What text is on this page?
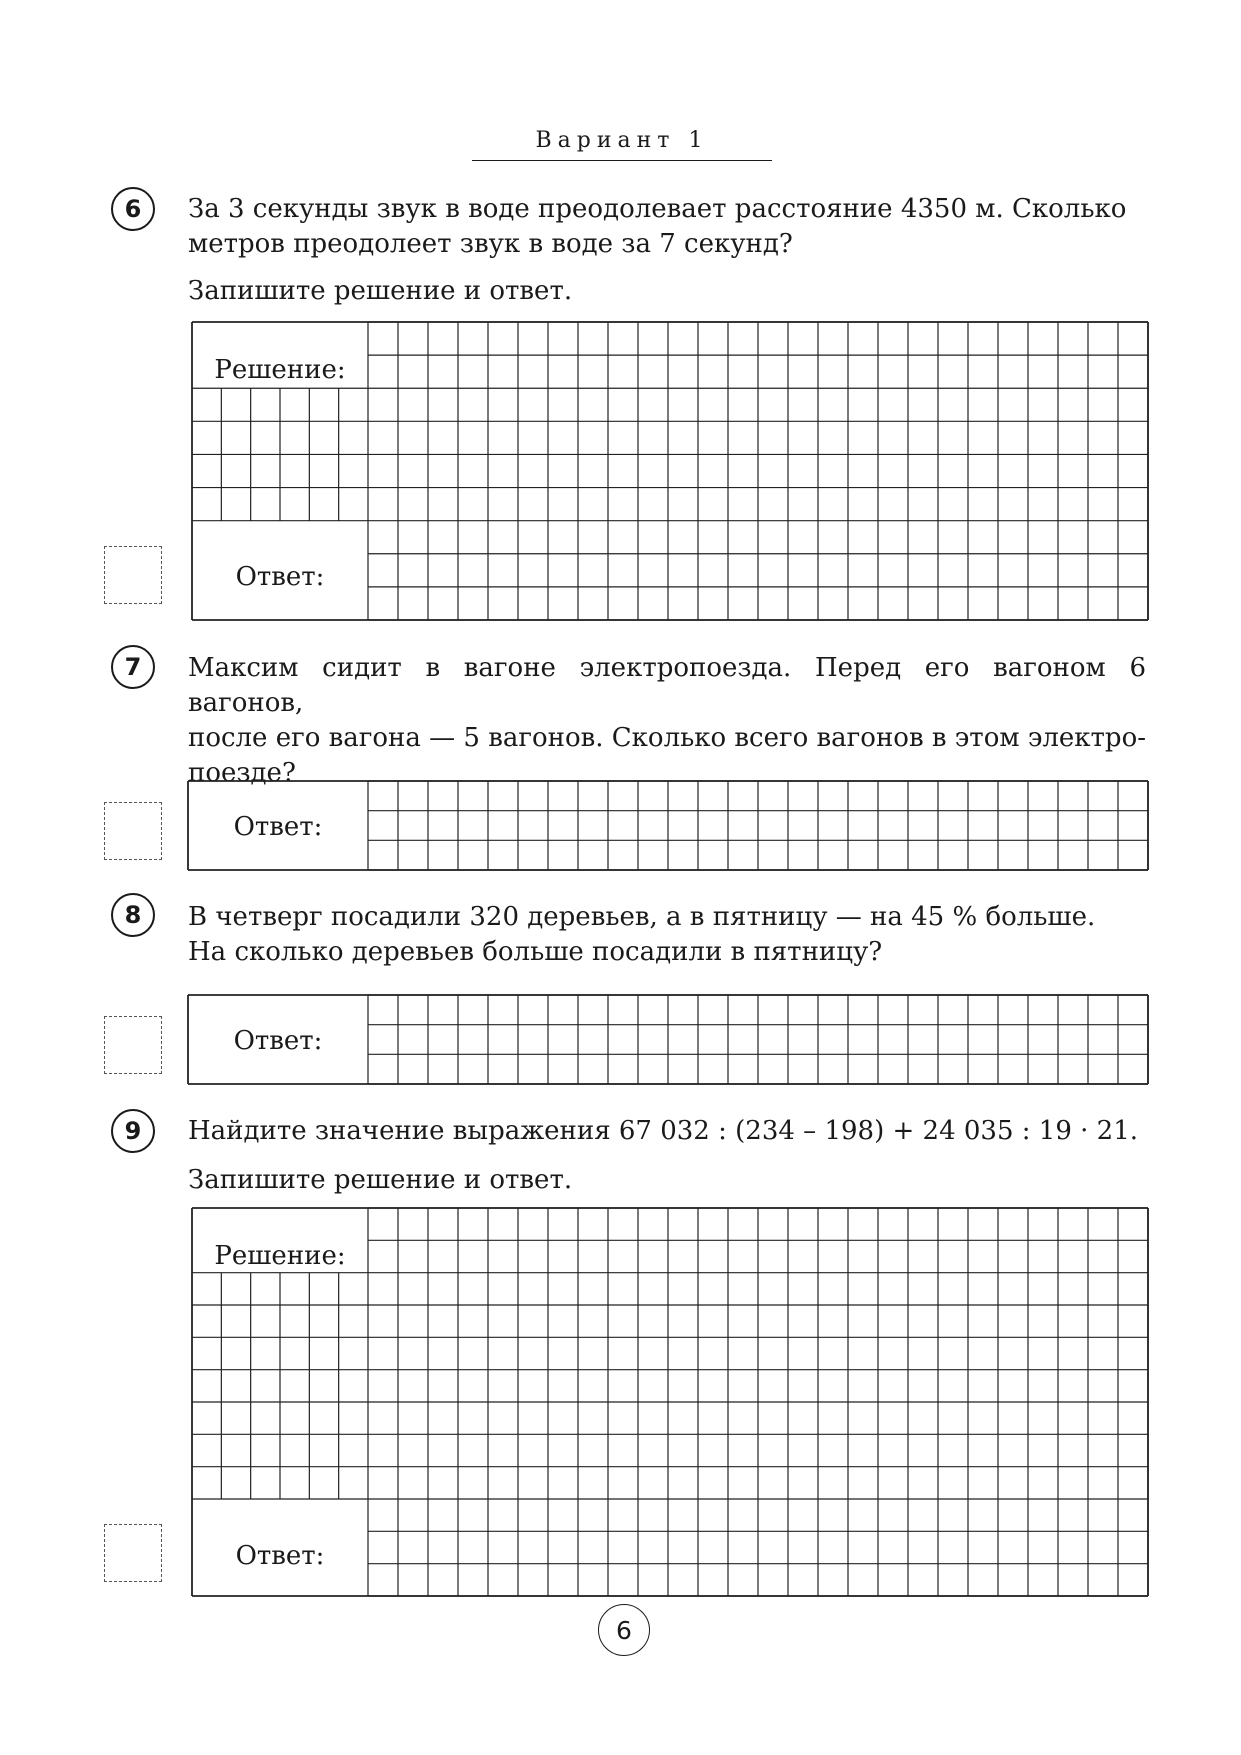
Вариант 1
6	За 3 секунды звук в воде преодолевает расстояние 4350 м. Сколько
метров преодолеет звук в воде за 7 секунд?
Запишите решение и ответ.
Решение:
Ответ:
7	Максим сидит в вагоне электропоезда. Перед его вагоном 6 вагонов,
после его вагона — 5 вагонов. Сколько всего вагонов в этом электро-
поезде?
Ответ:
8	В четверг посадили 320 деревьев, а в пятницу — на 45 % больше.
На сколько деревьев больше посадили в пятницу?
Ответ:
9	Найдите значение выражения 67 032 : (234 – 198) + 24 035 : 19 · 21.
Запишите решение и ответ.
Решение:
Ответ:
6
